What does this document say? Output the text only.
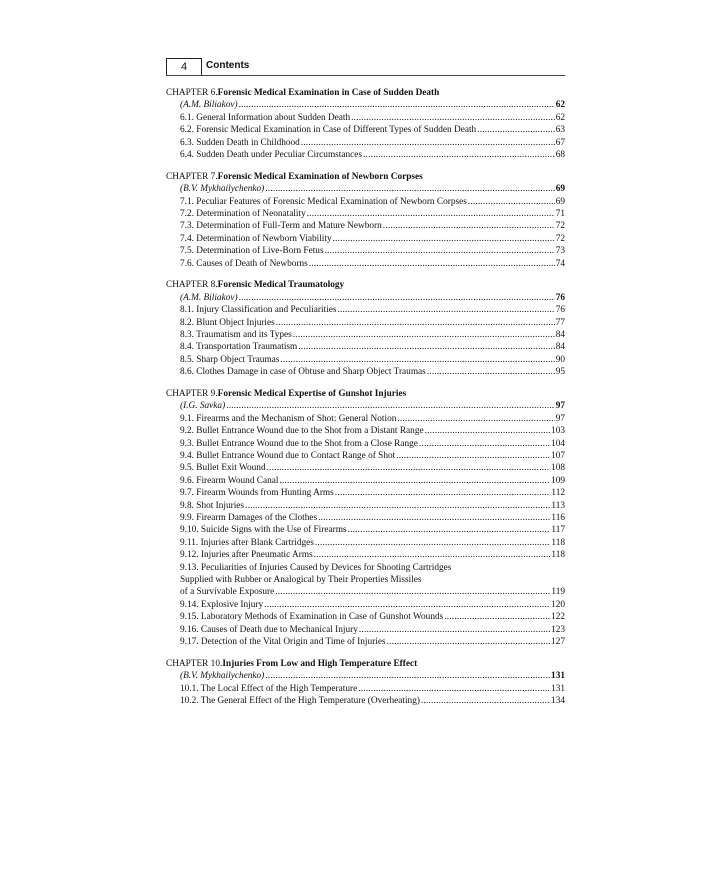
4	Contents
CHAPTER 6. Forensic Medical Examination in Case of Sudden Death
(A.M. Biliakov) .....	62
6.1. General Information about Sudden Death .....	62
6.2. Forensic Medical Examination in Case of Different Types of Sudden Death .....	63
6.3. Sudden Death in Childhood .....	67
6.4. Sudden Death under Peculiar Circumstances .....	68
CHAPTER 7. Forensic Medical Examination of Newborn Corpses
(B.V. Mykhailychenko) .....	69
7.1. Peculiar Features of Forensic Medical Examination of Newborn Corpses .....	69
7.2. Determination of Neonatality .....	71
7.3. Determination of Full-Term and Mature Newborn .....	72
7.4. Determination of Newborn Viability .....	72
7.5. Determination of Live-Born Fetus .....	73
7.6. Causes of Death of Newborns .....	74
CHAPTER 8. Forensic Medical Traumatology
(A.M. Biliakov) .....	76
8.1. Injury Classification and Peculiarities .....	76
8.2. Blunt Object Injuries .....	77
8.3. Traumatism and its Types .....	84
8.4. Transportation Traumatism .....	84
8.5. Sharp Object Traumas .....	90
8.6. Clothes Damage in case of Obtuse and Sharp Object Traumas .....	95
CHAPTER 9. Forensic Medical Expertise of Gunshot Injuries
(I.G. Savka) .....	97
9.1. Firearms and the Mechanism of Shot: General Notion .....	97
9.2. Bullet Entrance Wound due to the Shot from a Distant Range .....	103
9.3. Bullet Entrance Wound due to the Shot from a Close Range .....	104
9.4. Bullet Entrance Wound due to Contact Range of Shot .....	107
9.5. Bullet Exit Wound .....	108
9.6. Firearm Wound Canal .....	109
9.7. Firearm Wounds from Hunting Arms .....	112
9.8. Shot Injuries .....	113
9.9. Firearm Damages of the Clothes .....	116
9.10. Suicide Signs with the Use of Firearms .....	117
9.11. Injuries after Blank Cartridges .....	118
9.12. Injuries after Pneumatic Arms .....	118
9.13. Peculiarities of Injuries Caused by Devices for Shooting Cartridges
Supplied with Rubber or Analogical by Their Properties Missiles
of a Survivable Exposure .....	119
9.14. Explosive Injury .....	120
9.15. Laboratory Methods of Examination in Case of Gunshot Wounds .....	122
9.16. Causes of Death due to Mechanical Injury .....	123
9.17. Detection of the Vital Origin and Time of Injuries .....	127
CHAPTER 10. Injuries From Low and High Temperature Effect
(B.V. Mykhailychenko) .....	131
10.1. The Local Effect of the High Temperature .....	131
10.2. The General Effect of the High Temperature (Overheating) .....	134
